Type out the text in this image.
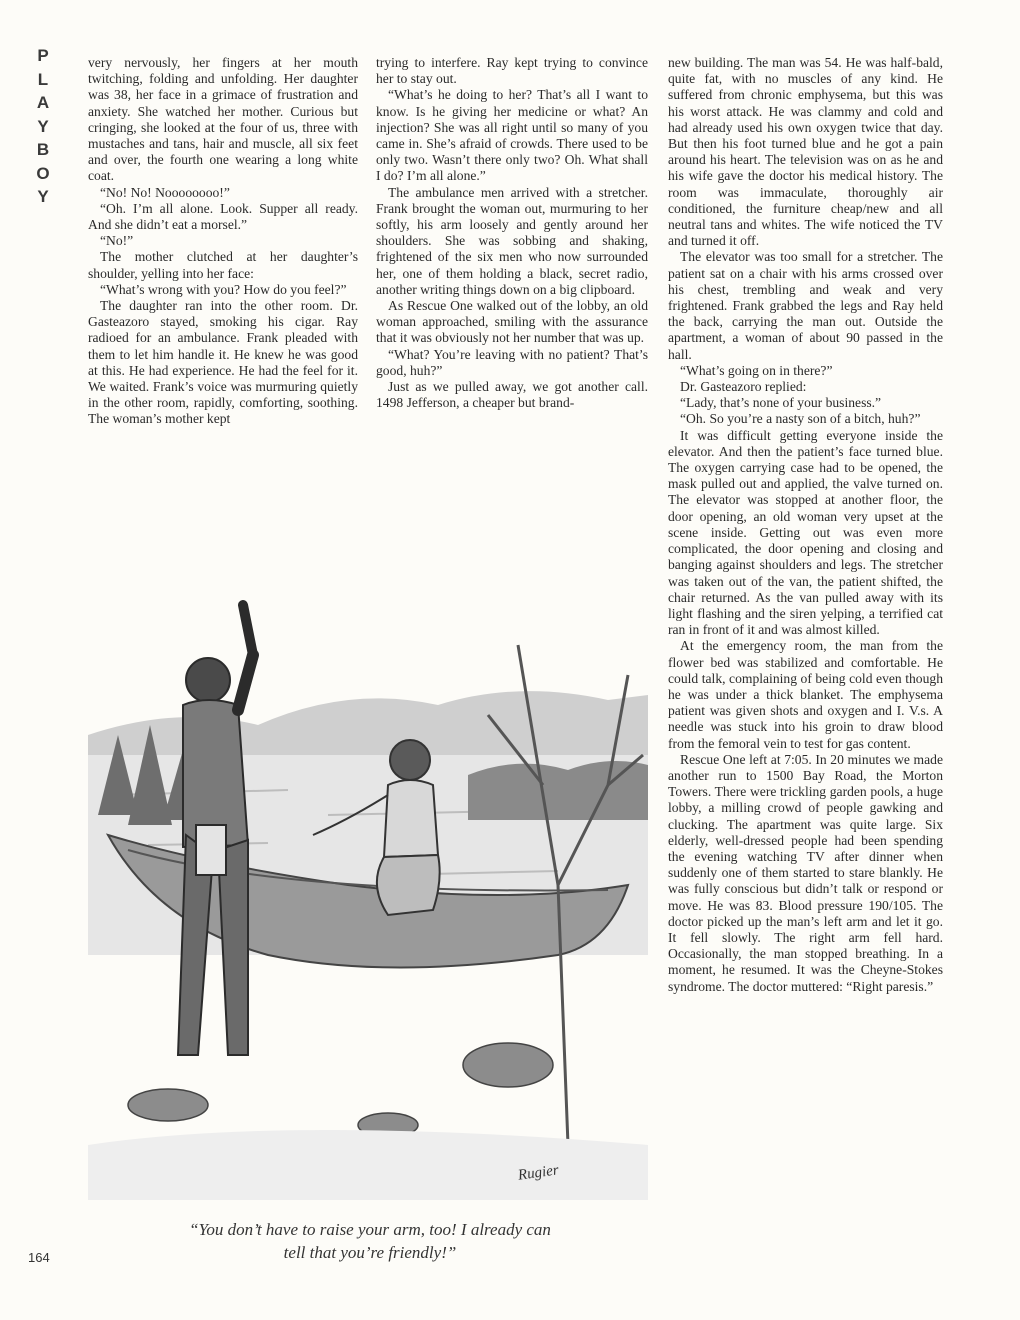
P
L
A
Y
B
O
Y

very nervously, her fingers at her mouth twitching, folding and unfolding. Her daughter was 38, her face in a grimace of frustration and anxiety. She watched her mother. Curious but cringing, she looked at the four of us, three with mustaches and tans, hair and muscle, all six feet and over, the fourth one wearing a long white coat.

“No! No! Noooooooo!”

“Oh. I’m all alone. Look. Supper all ready. And she didn’t eat a morsel.”

“No!”

The mother clutched at her daughter’s shoulder, yelling into her face:

“What’s wrong with you? How do you feel?”

The daughter ran into the other room. Dr. Gasteazoro stayed, smoking his cigar. Ray radioed for an ambulance. Frank pleaded with them to let him handle it. He knew he was good at this. He had experience. He had the feel for it. We waited. Frank’s voice was murmuring quietly in the other room, rapidly, comforting, soothing. The woman’s mother kept

trying to interfere. Ray kept trying to convince her to stay out.

“What’s he doing to her? That’s all I want to know. Is he giving her medicine or what? An injection? She was all right until so many of you came in. She’s afraid of crowds. There used to be only two. Wasn’t there only two? Oh. What shall I do? I’m all alone.”

The ambulance men arrived with a stretcher. Frank brought the woman out, murmuring to her softly, his arm loosely and gently around her shoulders. She was sobbing and shaking, frightened of the six men who now surrounded her, one of them holding a black, secret radio, another writing things down on a big clipboard.

As Rescue One walked out of the lobby, an old woman approached, smiling with the assurance that it was obviously not her number that was up.

“What? You’re leaving with no patient? That’s good, huh?”

Just as we pulled away, we got another call. 1498 Jefferson, a cheaper but brand-

new building. The man was 54. He was half-bald, quite fat, with no muscles of any kind. He suffered from chronic emphysema, but this was his worst attack. He was clammy and cold and had already used his own oxygen twice that day. But then his foot turned blue and he got a pain around his heart. The television was on as he and his wife gave the doctor his medical history. The room was immaculate, thoroughly air conditioned, the furniture cheap/new and all neutral tans and whites. The wife noticed the TV and turned it off.

The elevator was too small for a stretcher. The patient sat on a chair with his arms crossed over his chest, trembling and weak and very frightened. Frank grabbed the legs and Ray held the back, carrying the man out. Outside the apartment, a woman of about 90 passed in the hall.

“What’s going on in there?”

Dr. Gasteazoro replied:

“Lady, that’s none of your business.”

“Oh. So you’re a nasty son of a bitch, huh?”

It was difficult getting everyone inside the elevator. And then the patient’s face turned blue. The oxygen carrying case had to be opened, the mask pulled out and applied, the valve turned on. The elevator was stopped at another floor, the door opening, an old woman very upset at the scene inside. Getting out was even more complicated, the door opening and closing and banging against shoulders and legs. The stretcher was taken out of the van, the patient shifted, the chair returned. As the van pulled away with its light flashing and the siren yelping, a terrified cat ran in front of it and was almost killed.

At the emergency room, the man from the flower bed was stabilized and comfortable. He could talk, complaining of being cold even though he was under a thick blanket. The emphysema patient was given shots and oxygen and I. V.s. A needle was stuck into his groin to draw blood from the femoral vein to test for gas content.

Rescue One left at 7:05. In 20 minutes we made another run to 1500 Bay Road, the Morton Towers. There were trickling garden pools, a huge lobby, a milling crowd of people gawking and clucking. The apartment was quite large. Six elderly, well-dressed people had been spending the evening watching TV after dinner when suddenly one of them started to stare blankly. He was fully conscious but didn’t talk or respond or move. He was 83. Blood pressure 190/105. The doctor picked up the man’s left arm and let it go. It fell slowly. The right arm fell hard. Occasionally, the man stopped breathing. In a moment, he resumed. It was the Cheyne-Stokes syndrome. The doctor muttered: “Right paresis.”

“You don’t have to raise your arm, too! I already can
tell that you’re friendly!”
Rugier
164
